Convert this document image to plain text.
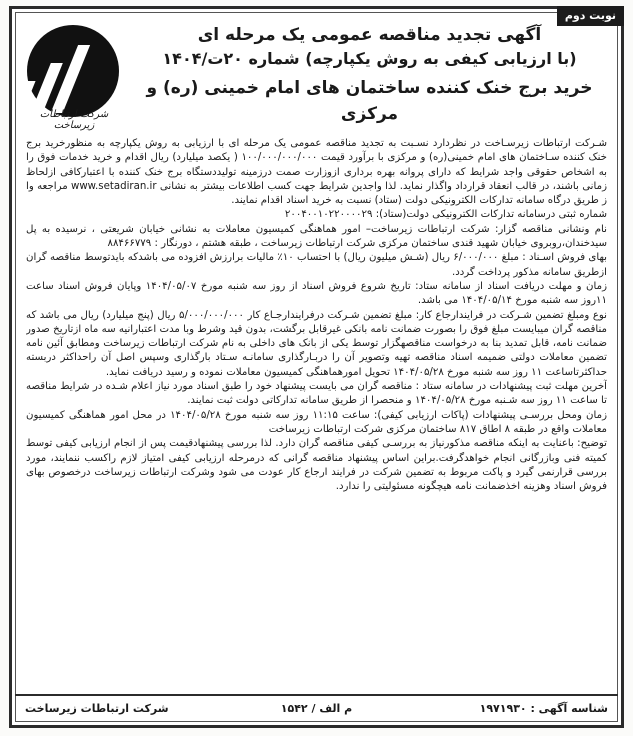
نوبت دوم
شرکت ارتباطات زیرساخت
آگهی تجدید مناقصه عمومی یک مرحله ای
(با ارزیابی کیفی به روش یکپارچه) شماره ۲۰ت/۱۴۰۴
خرید برج خنک کننده ساختمان های امام خمینی (ره) و مرکزی

شـرکت ارتباطات زیرسـاخت در نظردارد نسـبت به تجدید مناقصه عمومی یک مرحله ای با ارزیابی به روش یکپارچه به منظورخرید برج خنک کننده سـاختمان های امام خمینی(ره) و مرکزی با برآورد قیمت ۱۰۰/۰۰۰/۰۰۰/۰۰۰ ( یکصد میلیارد) ریال اقدام و خرید خدمات فوق را به اشخاص حقوقی واجد شرایط که دارای پروانه بهره برداری ازوزارت صمت درزمینه تولیددستگاه برج خنک کننده با اعتبارکافی ازلحاظ زمانی باشند، در قالب انعقاد قرارداد واگذار نماید. لذا واجدین شرایط جهت کسب اطلاعات بیشتر به نشانی www.setadiran.ir مراجعه وا ز طریق درگاه سامانه تدارکات الکترونیکی دولت (ستاد) نسبت به خرید اسناد اقدام نمایند.

شماره ثبتی درسامانه تدارکات الکترونیکی دولت(ستاد): ۲۰۰۴۰۰۱۰۲۲۰۰۰۰۲۹

نام ونشانی مناقصه گزار: شرکت ارتباطات زیرساخت– امور هماهنگی کمیسیون معاملات به نشانی خیابان شریعتی ، نرسیده به پل سیدخندان،روبروی خیابان شهید قندی ساختمان مرکزی شرکت ارتباطات زیرساخت ، طبقه هشتم ، دورنگار : ۸۸۴۶۶۷۷۹

بهای فروش اسـناد : مبلغ ۶/۰۰۰/۰۰۰ ریال (شـش میلیون ریال) با احتساب ۱۰٪ مالیات برارزش افزوده می باشدکه بایدتوسط مناقصه گران ازطریق سامانه مذکور پرداخت گردد.

زمان و مهلت دریافت اسناد از سامانه ستاد: تاریخ شروع فروش اسناد از روز سه شنبه مورخ ۱۴۰۴/۰۵/۰۷ وپایان فروش اسناد ساعت ۱۱روز سه شنبه مورخ ۱۴۰۴/۰۵/۱۴ می باشد.

نوع ومبلغ تضمین شـرکت در فرایندارجاع کار: مبلغ تضمین شـرکت درفرایندارجـاع کار ۵/۰۰۰/۰۰۰/۰۰۰ ریال (پنج میلیارد) ریال می باشد که مناقصه گران میبایست مبلغ فوق را بصورت ضمانت نامه بانکی غیرقابل برگشت، بدون قید وشرط وبا مدت اعتبارانیه سه ماه ازتاریخ صدور ضمانت نامه، قابل تمدید بنا به درخواست مناقصهگزار توسط یکی از بانک های داخلی به نام شرکت ارتباطات زیرساخت ومطابق آئین نامه تضمین معاملات دولتی ضمیمه اسناد مناقصه تهیه وتصویر آن را دربـارگذاری سامانـه سـتاد بارگذاری وسپس اصل آن راحداکثر دربسته حداکثرتاساعت ۱۱ روز سه شنبه مورخ ۱۴۰۴/۰۵/۲۸ تحویل امورهماهنگی کمیسیون معاملات نموده و رسید دریافت نماید.

آخرین مهلت ثبت پیشنهادات در سامانه ستاد : مناقصه گران می بایست پیشنهاد خود را طبق اسناد مورد نیاز اعلام شـده در شرایط مناقصه تا ساعت ۱۱ روز سه شـنبه مورخ ۱۴۰۴/۰۵/۲۸ و منحصرا از طریق سامانه تدارکاتی دولت ثبت نمایند.

زمان ومحل بررسـی پیشنهادات (پاکات ارزیابی کیفی): ساعت ۱۱:۱۵ روز سه شنبه مورخ ۱۴۰۴/۰۵/۲۸ در محل امور هماهنگی کمیسیون معاملات واقع در طبقه ۸ اطاق ۸۱۷ ساختمان مرکزی شرکت ارتباطات زیرساخت

توضیح: باعنایت به اینکه مناقصه مذکورنیاز به بررسـی کیفی مناقصه گران دارد. لذا بررسی پیشنهادقیمت پس از انجام ارزیابی کیفی توسط کمیته فنی وبازرگانی انجام خواهدگرفت.براین اساس پیشنهاد مناقصه گرانی که درمرحله ارزیابی کیفی امتیاز لازم راکسب ننمایند، مورد بررسی قرارنمی گیرد و پاکت مربوط به تضمین شرکت در فرایند ارجاع کار عودت می شود وشرکت ارتباطات زیرساخت درخصوص بهای فروش اسناد وهزینه اخذضمانت نامه هیچگونه مسئولیتی را ندارد.

شناسه آگهی : ۱۹۷۱۹۳۰
م الف / ۱۵۴۲
شرکت ارتباطات زیرساخت
